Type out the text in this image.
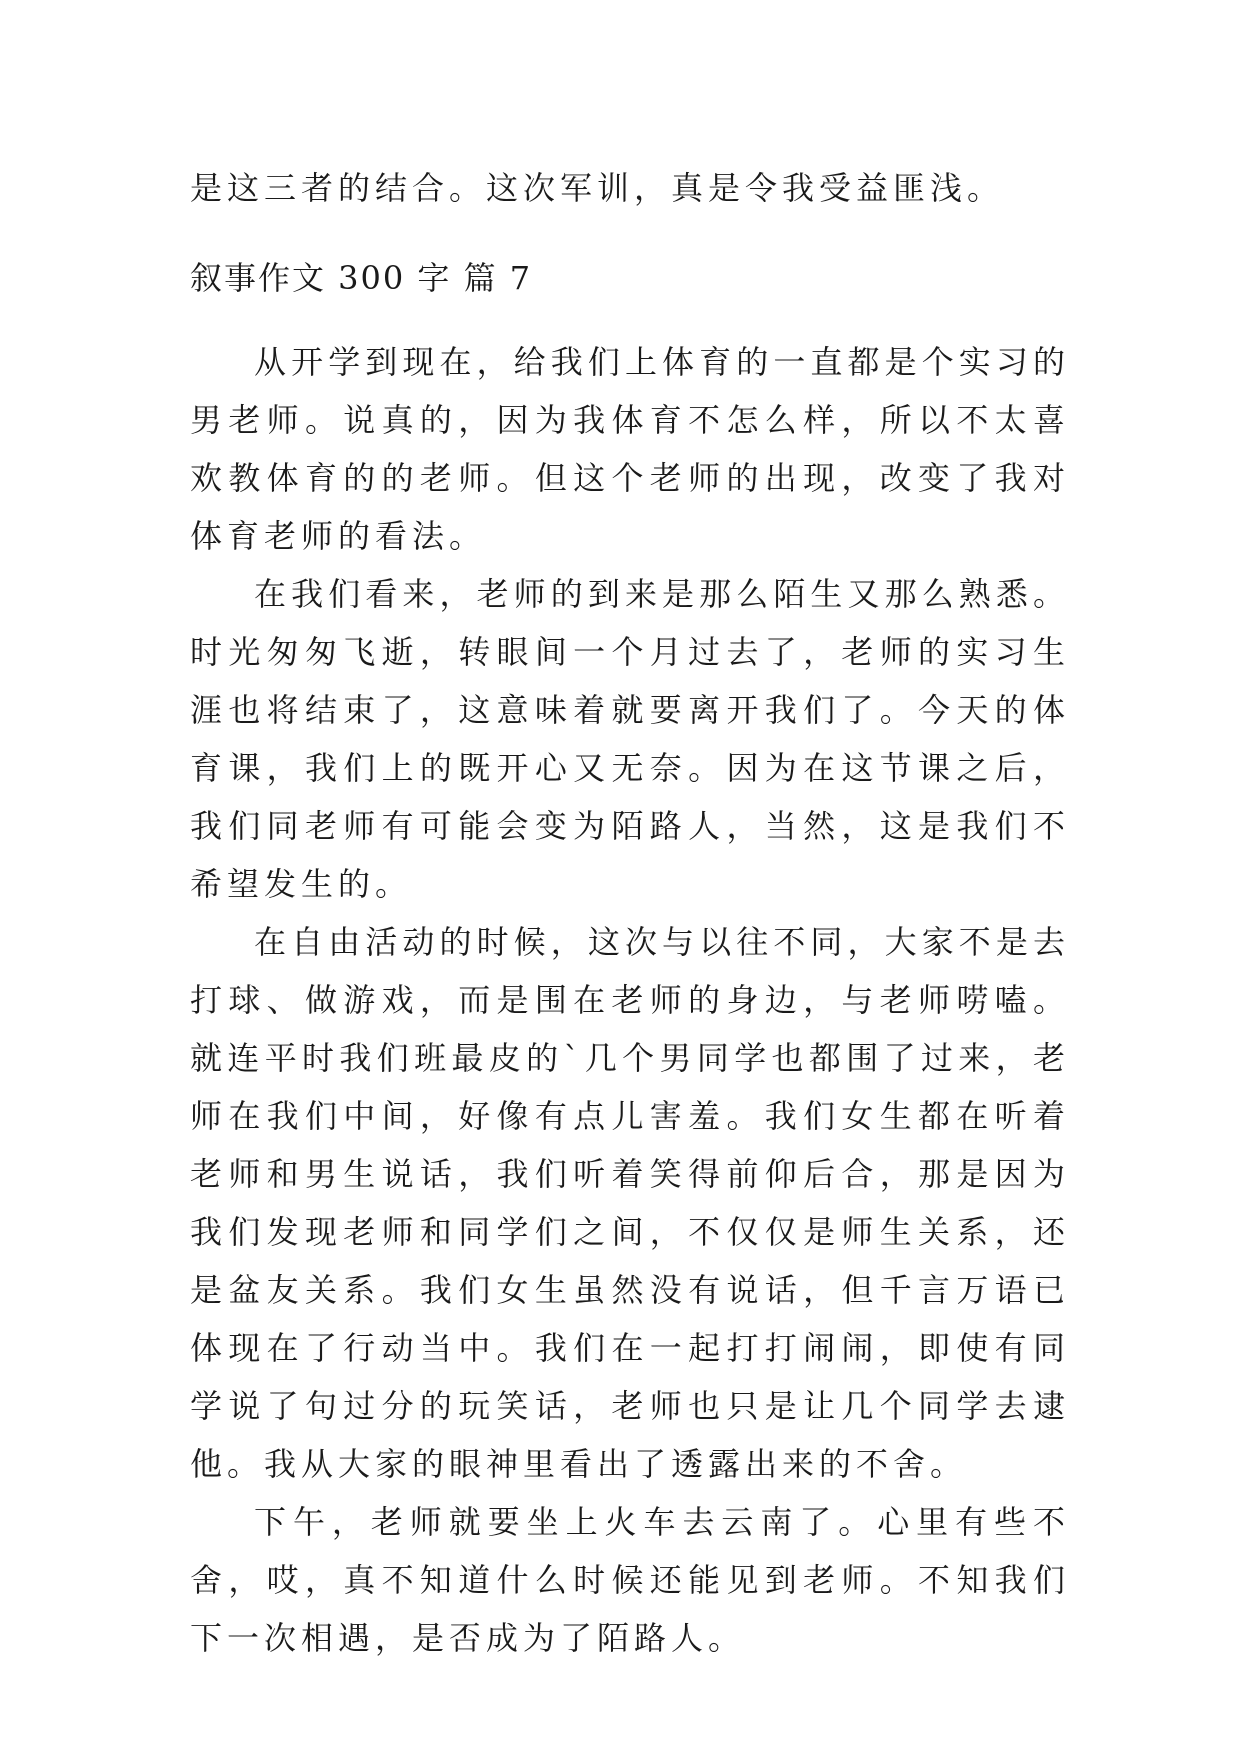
是这三者的结合。这次军训，真是令我受益匪浅。
叙事作文 300 字 篇 7

从开学到现在，给我们上体育的一直都是个实习的男老师。说真的，因为我体育不怎么样，所以不太喜欢教体育的的老师。但这个老师的出现，改变了我对体育老师的看法。

在我们看来，老师的到来是那么陌生又那么熟悉。时光匆匆飞逝，转眼间一个月过去了，老师的实习生涯也将结束了，这意味着就要离开我们了。今天的体育课，我们上的既开心又无奈。因为在这节课之后，我们同老师有可能会变为陌路人，当然，这是我们不希望发生的。

在自由活动的时候，这次与以往不同，大家不是去打球、做游戏，而是围在老师的身边，与老师唠嗑。就连平时我们班最皮的`几个男同学也都围了过来，老师在我们中间，好像有点儿害羞。我们女生都在听着老师和男生说话，我们听着笑得前仰后合，那是因为我们发现老师和同学们之间，不仅仅是师生关系，还是盆友关系。我们女生虽然没有说话，但千言万语已体现在了行动当中。我们在一起打打闹闹，即使有同学说了句过分的玩笑话，老师也只是让几个同学去逮他。我从大家的眼神里看出了透露出来的不舍。

下午，老师就要坐上火车去云南了。心里有些不舍，哎，真不知道什么时候还能见到老师。不知我们下一次相遇，是否成为了陌路人。
